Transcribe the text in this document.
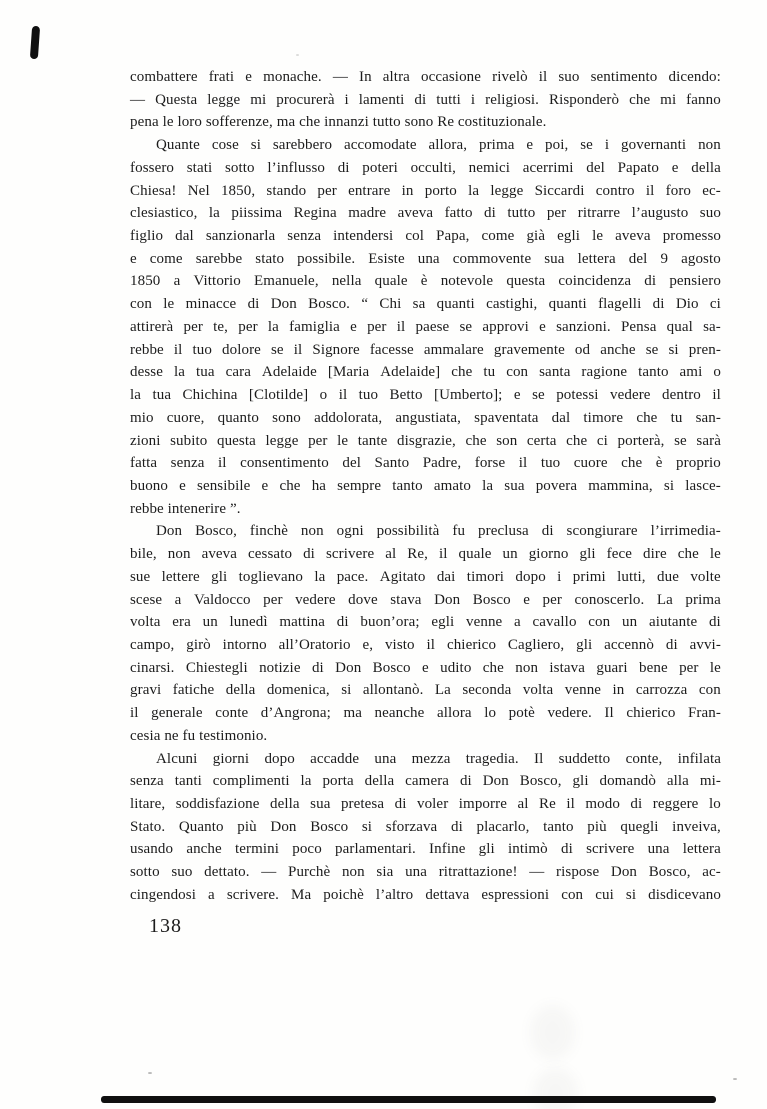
combattere frati e monache. — In altra occasione rivelò il suo sentimento dicendo:
— Questa legge mi procurerà i lamenti di tutti i religiosi. Risponderò che mi fanno
pena le loro sofferenze, ma che innanzi tutto sono Re costituzionale.
Quante cose si sarebbero accomodate allora, prima e poi, se i governanti non
fossero stati sotto l’influsso di poteri occulti, nemici acerrimi del Papato e della
Chiesa! Nel 1850, stando per entrare in porto la legge Siccardi contro il foro ec-
clesiastico, la piissima Regina madre aveva fatto di tutto per ritrarre l’augusto suo
figlio dal sanzionarla senza intendersi col Papa, come già egli le aveva promesso
e come sarebbe stato possibile. Esiste una commovente sua lettera del 9 agosto
1850 a Vittorio Emanuele, nella quale è notevole questa coincidenza di pensiero
con le minacce di Don Bosco. “ Chi sa quanti castighi, quanti flagelli di Dio ci
attirerà per te, per la famiglia e per il paese se approvi e sanzioni. Pensa qual sa-
rebbe il tuo dolore se il Signore facesse ammalare gravemente od anche se si pren-
desse la tua cara Adelaide [Maria Adelaide] che tu con santa ragione tanto ami o
la tua Chichina [Clotilde] o il tuo Betto [Umberto]; e se potessi vedere dentro il
mio cuore, quanto sono addolorata, angustiata, spaventata dal timore che tu san-
zioni subito questa legge per le tante disgrazie, che son certa che ci porterà, se sarà
fatta senza il consentimento del Santo Padre, forse il tuo cuore che è proprio
buono e sensibile e che ha sempre tanto amato la sua povera mammina, si lasce-
rebbe intenerire ”.
Don Bosco, finchè non ogni possibilità fu preclusa di scongiurare l’irrimedia-
bile, non aveva cessato di scrivere al Re, il quale un giorno gli fece dire che le
sue lettere gli toglievano la pace. Agitato dai timori dopo i primi lutti, due volte
scese a Valdocco per vedere dove stava Don Bosco e per conoscerlo. La prima
volta era un lunedì mattina di buon’ora; egli venne a cavallo con un aiutante di
campo, girò intorno all’Oratorio e, visto il chierico Cagliero, gli accennò di avvi-
cinarsi. Chiestegli notizie di Don Bosco e udito che non istava guari bene per le
gravi fatiche della domenica, si allontanò. La seconda volta venne in carrozza con
il generale conte d’Angrona; ma neanche allora lo potè vedere. Il chierico Fran-
cesia ne fu testimonio.
Alcuni giorni dopo accadde una mezza tragedia. Il suddetto conte, infilata
senza tanti complimenti la porta della camera di Don Bosco, gli domandò alla mi-
litare, soddisfazione della sua pretesa di voler imporre al Re il modo di reggere lo
Stato. Quanto più Don Bosco si sforzava di placarlo, tanto più quegli inveiva,
usando anche termini poco parlamentari. Infine gli intimò di scrivere una lettera
sotto suo dettato. — Purchè non sia una ritrattazione! — rispose Don Bosco, ac-
cingendosi a scrivere. Ma poichè l’altro dettava espressioni con cui si disdicevano
138
